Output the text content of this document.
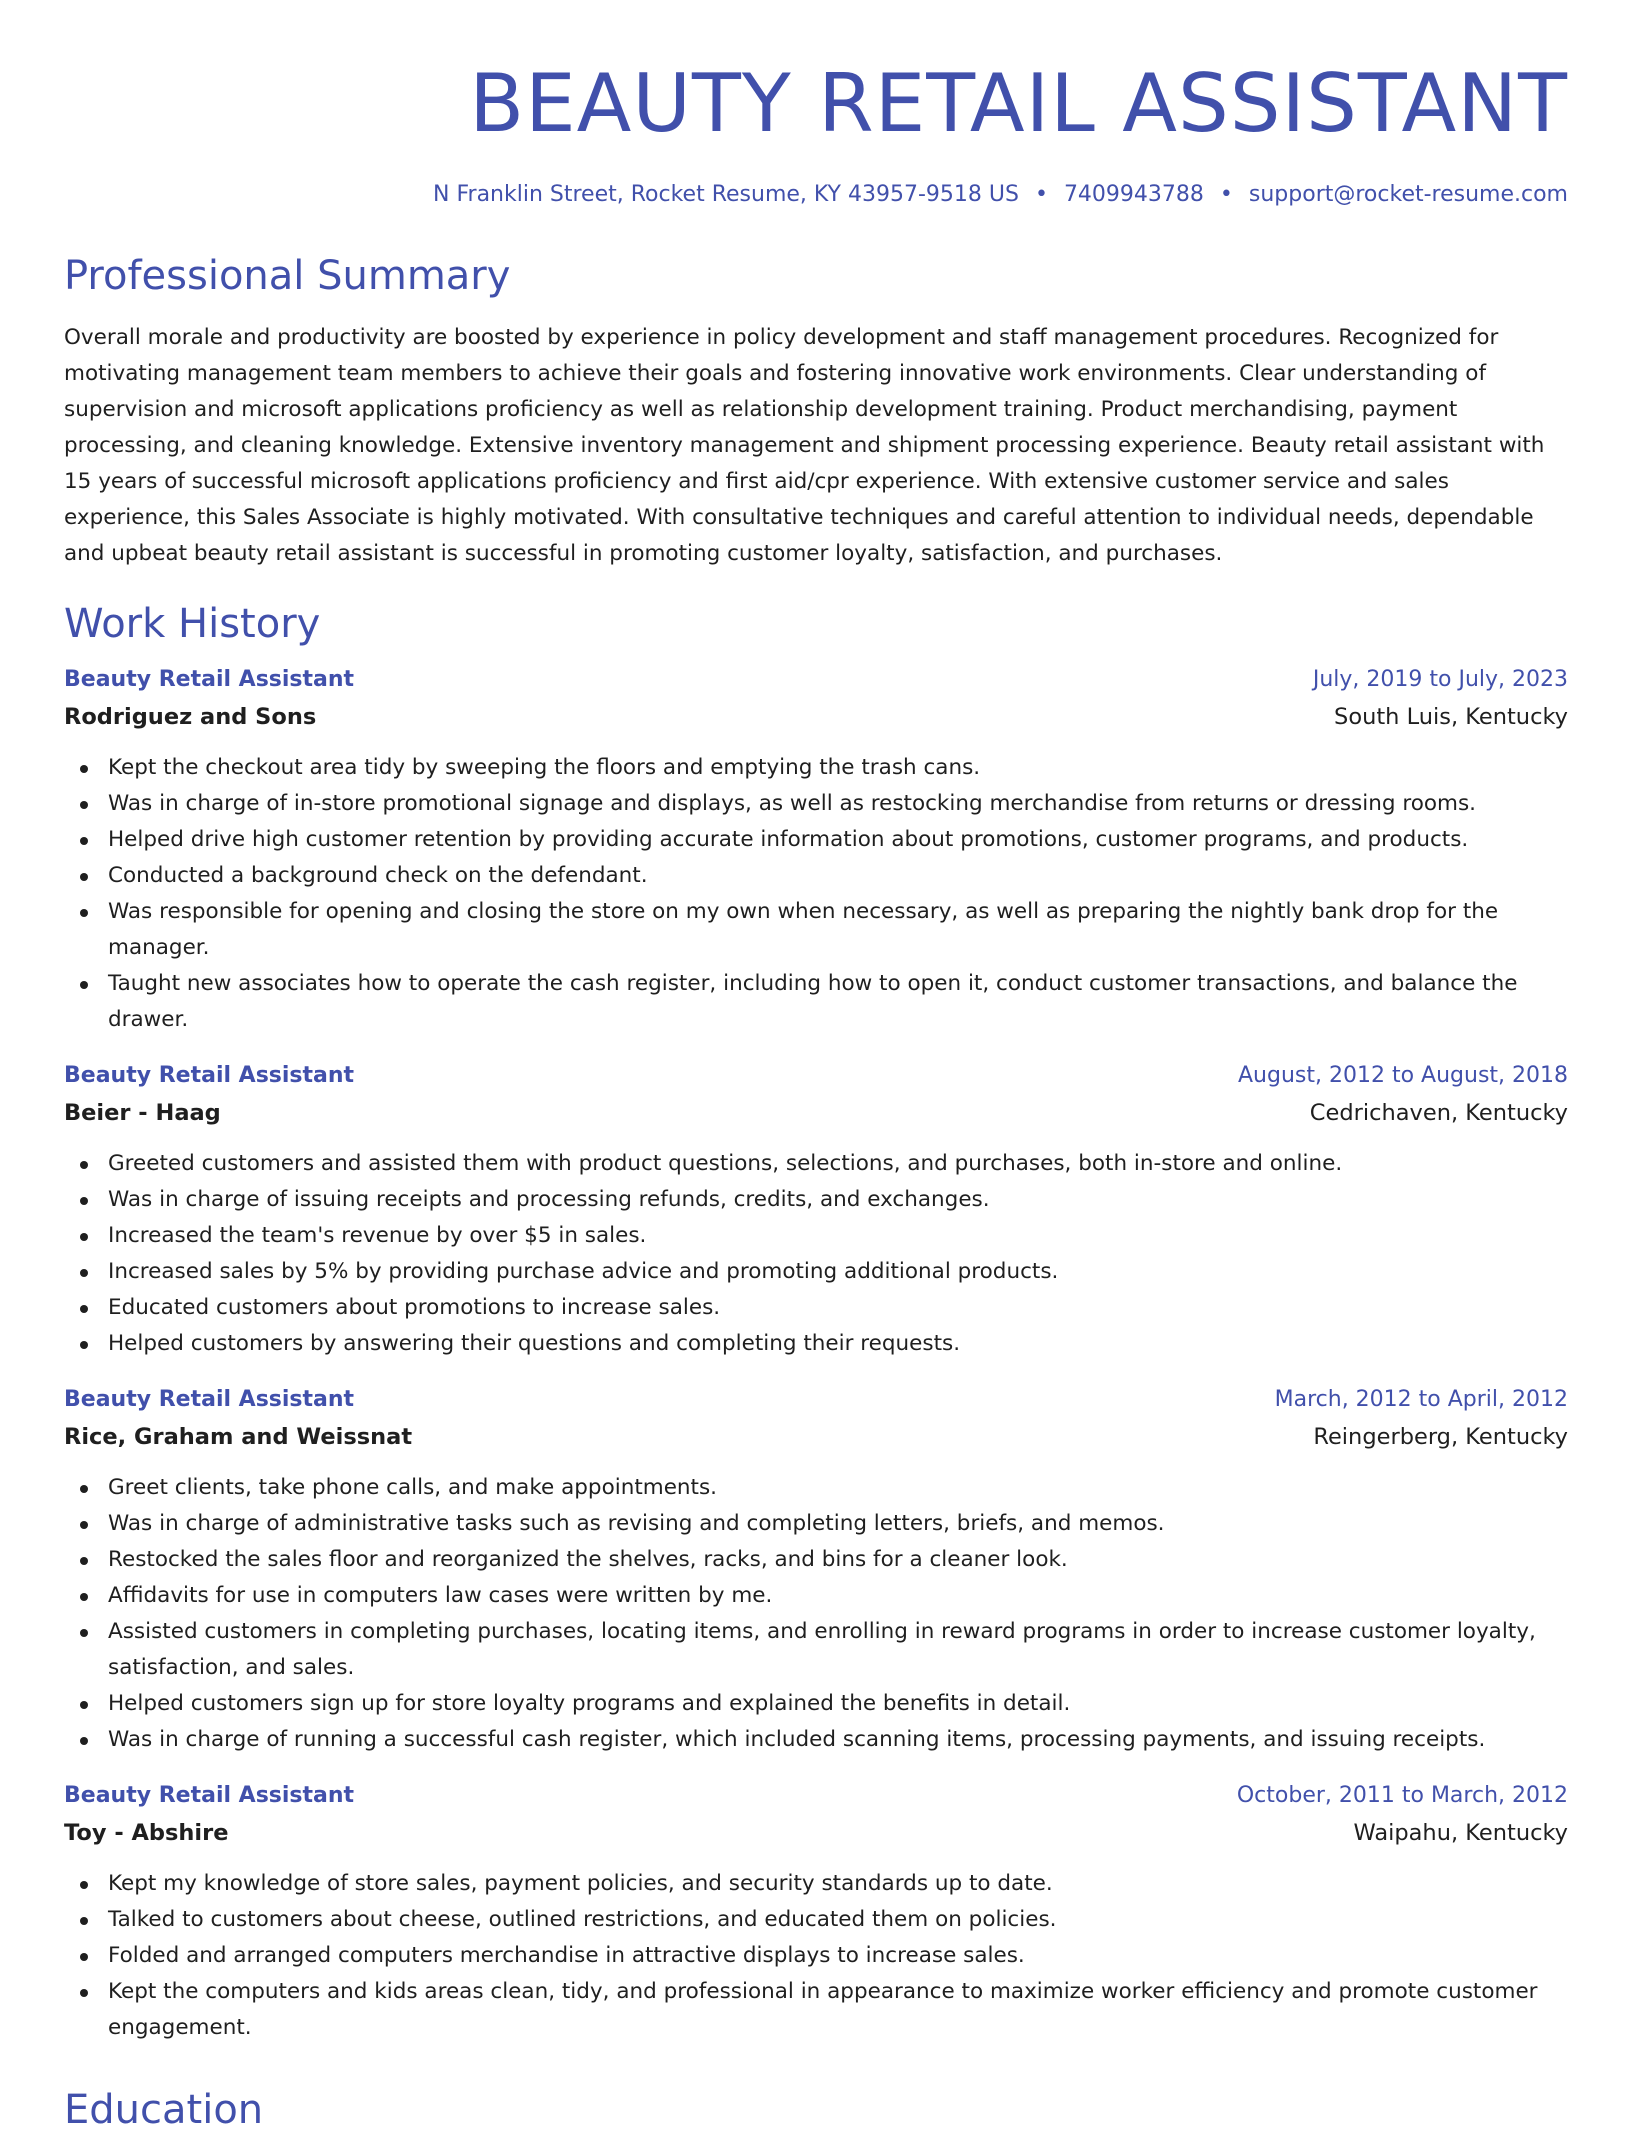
BEAUTY RETAIL ASSISTANT
N Franklin Street, Rocket Resume, KY 43957-9518 US • 7409943788 • support@rocket-resume.com
Professional Summary

Overall morale and productivity are boosted by experience in policy development and staff management procedures. Recognized for motivating management team members to achieve their goals and fostering innovative work environments. Clear understanding of supervision and microsoft applications proficiency as well as relationship development training. Product merchandising, payment processing, and cleaning knowledge. Extensive inventory management and shipment processing experience. Beauty retail assistant with 15 years of successful microsoft applications proficiency and first aid/cpr experience. With extensive customer service and sales experience, this Sales Associate is highly motivated. With consultative techniques and careful attention to individual needs, dependable and upbeat beauty retail assistant is successful in promoting customer loyalty, satisfaction, and purchases.

Work History
Beauty Retail Assistant	July, 2019 to July, 2023
Rodriguez and Sons	South Luis, Kentucky
Kept the checkout area tidy by sweeping the floors and emptying the trash cans.
Was in charge of in-store promotional signage and displays, as well as restocking merchandise from returns or dressing rooms.
Helped drive high customer retention by providing accurate information about promotions, customer programs, and products.
Conducted a background check on the defendant.
Was responsible for opening and closing the store on my own when necessary, as well as preparing the nightly bank drop for the manager.
Taught new associates how to operate the cash register, including how to open it, conduct customer transactions, and balance the drawer.
Beauty Retail Assistant	August, 2012 to August, 2018
Beier - Haag	Cedrichaven, Kentucky
Greeted customers and assisted them with product questions, selections, and purchases, both in-store and online.
Was in charge of issuing receipts and processing refunds, credits, and exchanges.
Increased the team's revenue by over $5 in sales.
Increased sales by 5% by providing purchase advice and promoting additional products.
Educated customers about promotions to increase sales.
Helped customers by answering their questions and completing their requests.
Beauty Retail Assistant	March, 2012 to April, 2012
Rice, Graham and Weissnat	Reingerberg, Kentucky
Greet clients, take phone calls, and make appointments.
Was in charge of administrative tasks such as revising and completing letters, briefs, and memos.
Restocked the sales floor and reorganized the shelves, racks, and bins for a cleaner look.
Affidavits for use in computers law cases were written by me.
Assisted customers in completing purchases, locating items, and enrolling in reward programs in order to increase customer loyalty, satisfaction, and sales.
Helped customers sign up for store loyalty programs and explained the benefits in detail.
Was in charge of running a successful cash register, which included scanning items, processing payments, and issuing receipts.
Beauty Retail Assistant	October, 2011 to March, 2012
Toy - Abshire	Waipahu, Kentucky
Kept my knowledge of store sales, payment policies, and security standards up to date.
Talked to customers about cheese, outlined restrictions, and educated them on policies.
Folded and arranged computers merchandise in attractive displays to increase sales.
Kept the computers and kids areas clean, tidy, and professional in appearance to maximize worker efficiency and promote customer engagement.
Education
